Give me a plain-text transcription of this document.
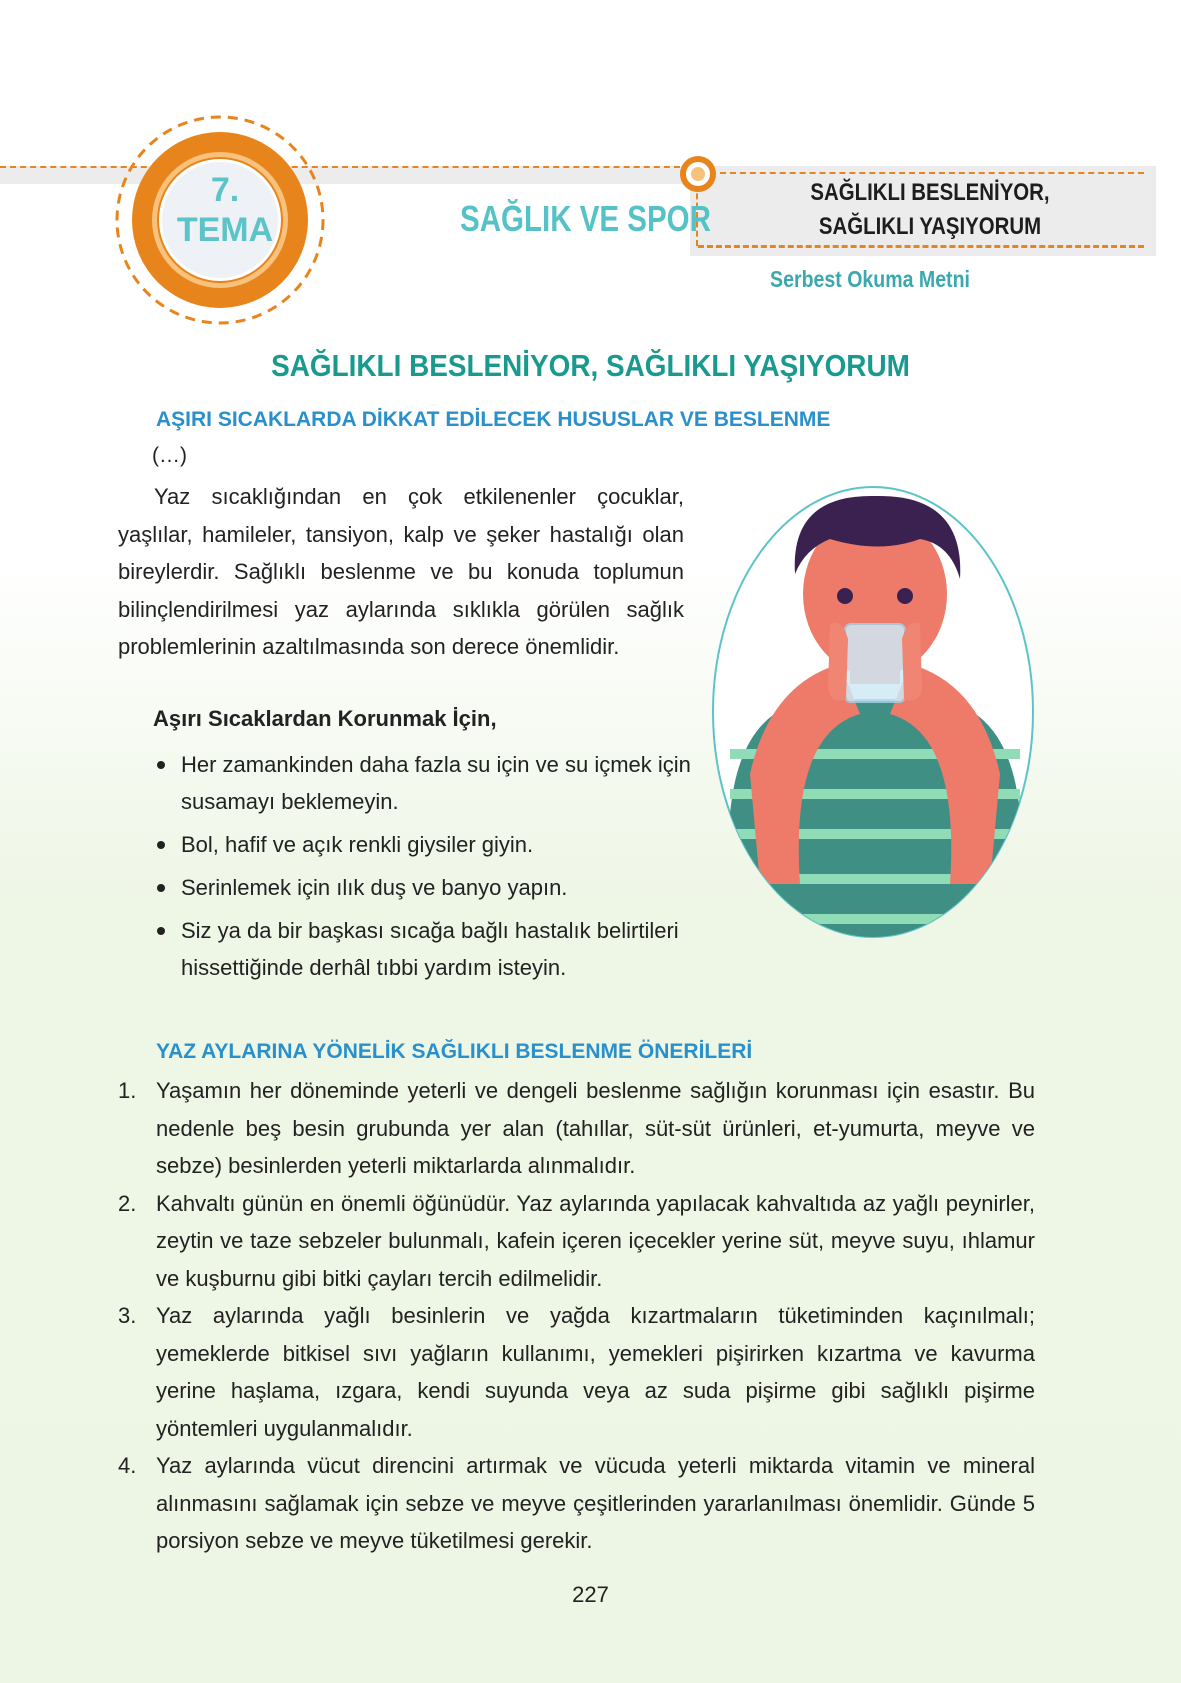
7.
TEMA	SAĞLIK VE SPOR
SAĞLIKLI BESLENİYOR,
SAĞLIKLI YAŞIYORUM
Serbest Okuma Metni
SAĞLIKLI BESLENİYOR, SAĞLIKLI YAŞIYORUM
AŞIRI SICAKLARDA DİKKAT EDİLECEK HUSUSLAR VE BESLENME
(…)
Yaz sıcaklığından en çok etkilenenler çocuklar, yaşlılar, hamileler, tansiyon, kalp ve şeker hastalığı olan bireylerdir. Sağlıklı beslenme ve bu konuda toplumun bilinçlendirilmesi yaz aylarında sıklıkla görülen sağlık problemlerinin azaltılmasında son derece önemlidir.
Aşırı Sıcaklardan Korunmak İçin,
Her zamankinden daha fazla su için ve su içmek için susamayı beklemeyin.
Bol, hafif ve açık renkli giysiler giyin.
Serinlemek için ılık duş ve banyo yapın.
Siz ya da bir başkası sıcağa bağlı hastalık belirtileri hissettiğinde derhâl tıbbi yardım isteyin.
YAZ AYLARINA YÖNELİK SAĞLIKLI BESLENME ÖNERİLERİ
1. Yaşamın her döneminde yeterli ve dengeli beslenme sağlığın korunması için esastır. Bu nedenle beş besin grubunda yer alan (tahıllar, süt-süt ürünleri, et-yumurta, meyve ve sebze) besinlerden yeterli miktarlarda alınmalıdır.
2. Kahvaltı günün en önemli öğünüdür. Yaz aylarında yapılacak kahvaltıda az yağlı peynirler, zeytin ve taze sebzeler bulunmalı, kafein içeren içecekler yerine süt, meyve suyu, ıhlamur ve kuşburnu gibi bitki çayları tercih edilmelidir.
3. Yaz aylarında yağlı besinlerin ve yağda kızartmaların tüketiminden kaçınılmalı; yemeklerde bitkisel sıvı yağların kullanımı, yemekleri pişirirken kızartma ve kavurma yerine haşlama, ızgara, kendi suyunda veya az suda pişirme gibi sağlıklı pişirme yöntemleri uygulanmalıdır.
4. Yaz aylarında vücut direncini artırmak ve vücuda yeterli miktarda vitamin ve mineral alınmasını sağlamak için sebze ve meyve çeşitlerinden yararlanılması önemlidir. Günde 5 porsiyon sebze ve meyve tüketilmesi gerekir.
227
